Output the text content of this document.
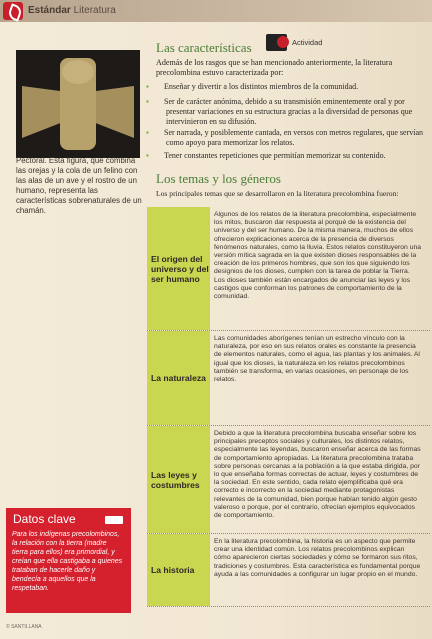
Estándar Literatura
Pectoral. Esta figura, que combina las orejas y la cola de un felino con las alas de un ave y el rostro de un humano, representa las características sobrenaturales de un chamán.
Las características	Actividad
Además de los rasgos que se han mencionado anteriormente, la literatura precolombina estuvo caracterizada por:

▪ Enseñar y divertir a los distintos miembros de la comunidad.

▪ Ser de carácter anónima, debido a su transmisión eminentemente oral y por presentar variaciones en su estructura gracias a la diversidad de personas que intervinieron en su difusión.

▪ Ser narrada, y posiblemente cantada, en versos con metros regulares, que servían como apoyo para memorizar los relatos.

▪ Tener constantes repeticiones que permitían memorizar su contenido.

Los temas y los géneros
Los principales temas que se desarrollaron en la literatura precolombina fueron:
El origen del universo y del ser humano
Algunos de los relatos de la literatura precolombina, especialmente los mitos, buscaron dar respuesta al porqué de la existencia del universo y del ser humano. De la misma manera, muchos de ellos ofrecieron explicaciones acerca de la presencia de diversos fenómenos naturales, como la lluvia. Estos relatos constituyeron una versión mítica sagrada en la que existen dioses responsables de la creación de los primeros hombres, que son los que siguiendo los designios de los dioses, cumplen con la tarea de poblar la Tierra. Los dioses también están encargados de anunciar las leyes y los castigos que conforman los patrones de comportamiento de la comunidad.
La naturaleza
Las comunidades aborígenes tenían un estrecho vínculo con la naturaleza, por eso en sus relatos orales es constante la presencia de elementos naturales, como el agua, las plantas y los animales. Al igual que los dioses, la naturaleza en los relatos precolombinos también se transforma, en varias ocasiones, en personaje de los relatos.
Las leyes y costumbres
Debido a que la literatura precolombina buscaba enseñar sobre los principales preceptos sociales y culturales, los distintos relatos, especialmente las leyendas, buscaron enseñar acerca de las formas de comportamiento apropiadas. La literatura precolombina trataba sobre personas cercanas a la población a la que estaba dirigida, por lo que enseñaba formas correctas de actuar, leyes y costumbres de la sociedad. En este sentido, cada relato ejemplificaba qué era correcto e incorrecto en la sociedad mediante protagonistas relevantes de la comunidad, bien porque habían tenido algún gesto valeroso o porque, por el contrario, ofrecían ejemplos equivocados de comportamiento.
La historia
En la literatura precolombina, la historia es un aspecto que permite crear una identidad común. Los relatos precolombinos explican cómo aparecieron ciertas sociedades y cómo se formaron sus ritos, tradiciones y costumbres. Esta característica es fundamental porque ayuda a las comunidades a configurar un lugar propio en el mundo.
Datos clave
Para los indígenas precolombinos, la relación con la tierra (madre tierra para ellos) era primordial, y creían que ella castigaba a quienes trataban de hacerle daño y bendecía a aquellos que la respetaban.
© SANTILLANA
